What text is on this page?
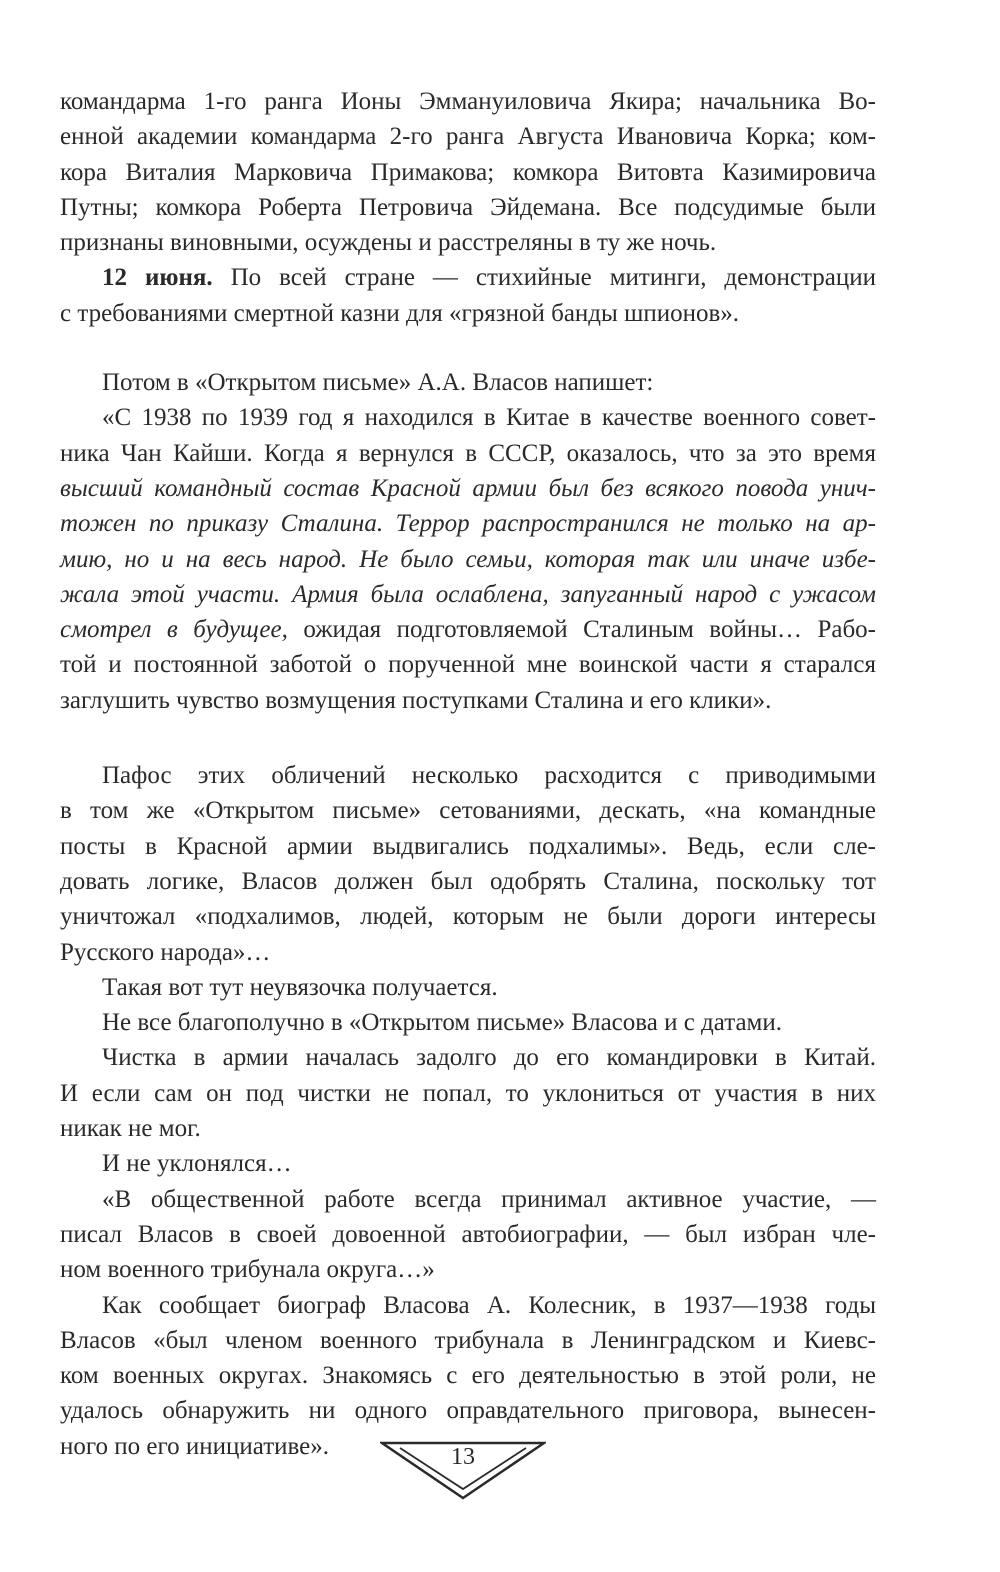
командарма 1-го ранга Ионы Эммануиловича Якира; начальника Во-
енной академии командарма 2-го ранга Августа Ивановича Корка; ком-
кора Виталия Марковича Примакова; комкора Витовта Казимировича
Путны; комкора Роберта Петровича Эйдемана. Все подсудимые были
признаны виновными, осуждены и расстреляны в ту же ночь.
12 июня. По всей стране — стихийные митинги, демонстрации
с требованиями смертной казни для «грязной банды шпионов».
Потом в «Открытом письме» А.А. Власов напишет:
«С 1938 по 1939 год я находился в Китае в качестве военного совет-
ника Чан Кайши. Когда я вернулся в СССР, оказалось, что за это время
высший командный состав Красной армии был без всякого повода унич-
тожен по приказу Сталина. Террор распространился не только на ар-
мию, но и на весь народ. Не было семьи, которая так или иначе избе-
жала этой участи. Армия была ослаблена, запуганный народ с ужасом
смотрел в будущее, ожидая подготовляемой Сталиным войны… Рабо-
той и постоянной заботой о порученной мне воинской части я старался
заглушить чувство возмущения поступками Сталина и его клики».
Пафос этих обличений несколько расходится с приводимыми
в том же «Открытом письме» сетованиями, дескать, «на командные
посты в Красной армии выдвигались подхалимы». Ведь, если сле-
довать логике, Власов должен был одобрять Сталина, поскольку тот
уничтожал «подхалимов, людей, которым не были дороги интересы
Русского народа»…
Такая вот тут неувязочка получается.
Не все благополучно в «Открытом письме» Власова и с датами.
Чистка в армии началась задолго до его командировки в Китай.
И если сам он под чистки не попал, то уклониться от участия в них
никак не мог.
И не уклонялся…
«В общественной работе всегда принимал активное участие, —
писал Власов в своей довоенной автобиографии, — был избран чле-
ном военного трибунала округа…»
Как сообщает биограф Власова А. Колесник, в 1937—1938 годы
Власов «был членом военного трибунала в Ленинградском и Киевс-
ком военных округах. Знакомясь с его деятельностью в этой роли, не
удалось обнаружить ни одного оправдательного приговора, вынесен-
ного по его инициативе».	13
